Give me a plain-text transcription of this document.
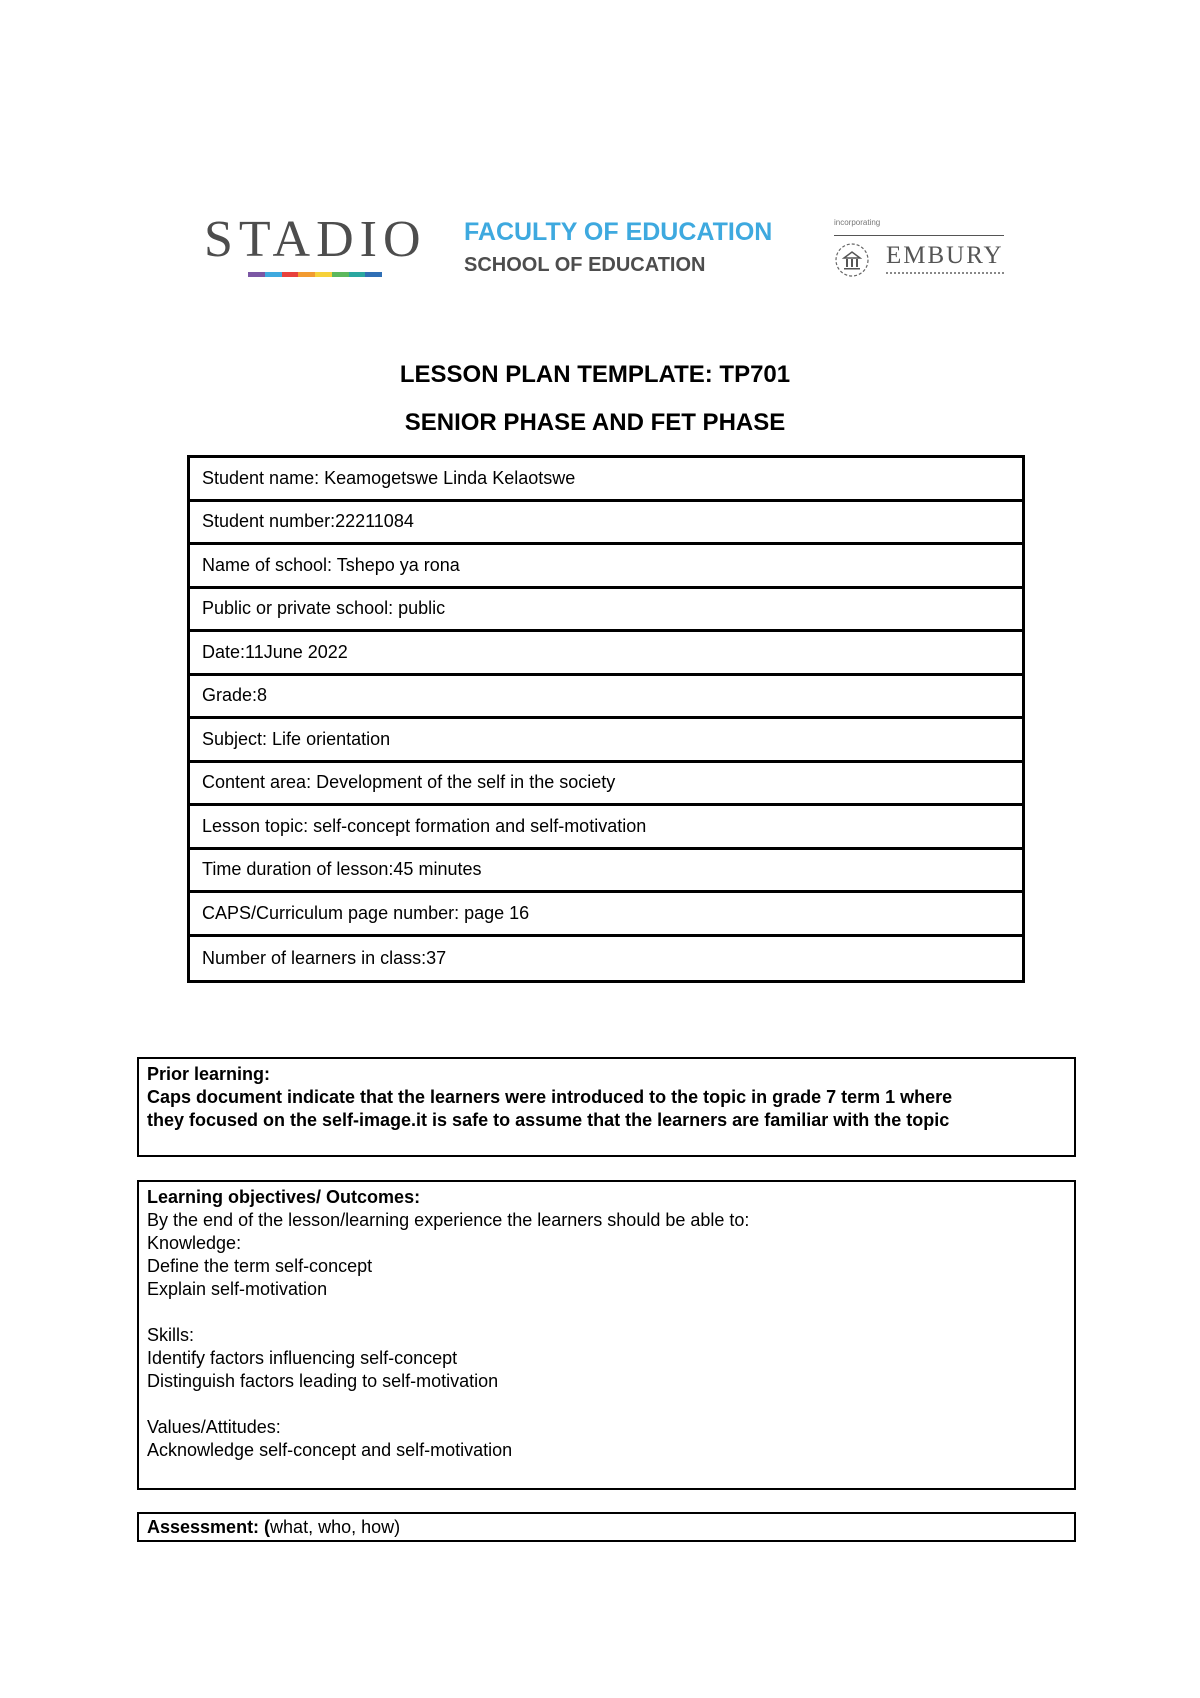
STADIO FACULTY OF EDUCATION
SCHOOL OF EDUCATION
incorporating
EMBURY
LESSON PLAN TEMPLATE: TP701
SENIOR PHASE AND FET PHASE
Student name: Keamogetswe Linda Kelaotswe
Student number:22211084
Name of school: Tshepo ya rona
Public or private school: public
Date:11June 2022
Grade:8
Subject: Life orientation
Content area: Development of the self in the society
Lesson topic: self-concept formation and self-motivation
Time duration of lesson:45 minutes
CAPS/Curriculum page number: page 16
Number of learners in class:37
Prior learning:
Caps document indicate that the learners were introduced to the topic in grade 7 term 1 where
they focused on the self-image.it is safe to assume that the learners are familiar with the topic
Learning objectives/ Outcomes:
By the end of the lesson/learning experience the learners should be able to:
Knowledge:
Define the term self-concept
Explain self-motivation
Skills:
Identify factors influencing self-concept
Distinguish factors leading to self-motivation
Values/Attitudes:
Acknowledge self-concept and self-motivation
Assessment: (what, who, how)
